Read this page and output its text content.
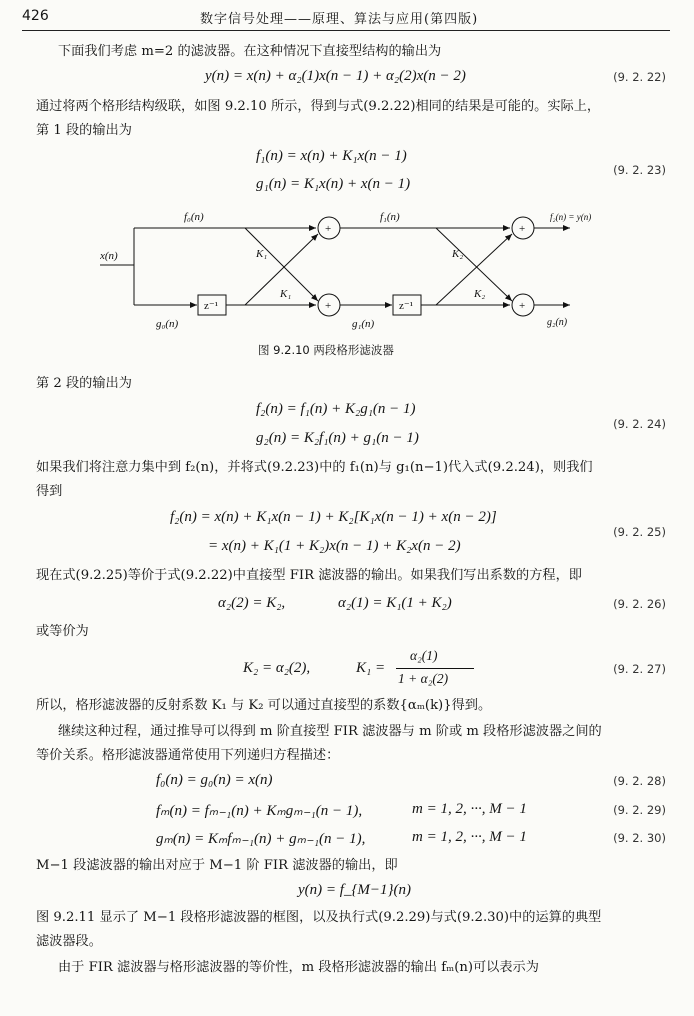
426	数字信号处理——原理、算法与应用(第四版)
下面我们考虑 m=2 的滤波器。在这种情况下直接型结构的输出为
y(n) = x(n) + α₂(1)x(n − 1) + α₂(2)x(n − 2)	(9. 2. 22)
通过将两个格形结构级联，如图 9.2.10 所示，得到与式(9.2.22)相同的结果是可能的。实际上，
第 1 段的输出为
f₁(n) = x(n) + K₁x(n − 1)
g₁(n) = K₁x(n) + x(n − 1)
(9. 2. 23)
x(n)
f₀(n)
g₀(n)
f₁(n)
g₁(n)
f₂(n) = y(n)
g₂(n)
K₁
K₁
K₂
K₂
z⁻¹	z⁻¹
+
+
+
+
图 9.2.10 两段格形滤波器
第 2 段的输出为
f₂(n) = f₁(n) + K₂g₁(n − 1)
g₂(n) = K₂f₁(n) + g₁(n − 1)
(9. 2. 24)
如果我们将注意力集中到 f₂(n)，并将式(9.2.23)中的 f₁(n)与 g₁(n−1)代入式(9.2.24)，则我们
得到
f₂(n) = x(n) + K₁x(n − 1) + K₂[K₁x(n − 1) + x(n − 2)]
= x(n) + K₁(1 + K₂)x(n − 1) + K₂x(n − 2)
(9. 2. 25)
现在式(9.2.25)等价于式(9.2.22)中直接型 FIR 滤波器的输出。如果我们写出系数的方程，即
α₂(2) = K₂,	α₂(1) = K₁(1 + K₂)	(9. 2. 26)
或等价为
K₂ = α₂(2),	K₁ =
α₂(1)
1 + α₂(2)
(9. 2. 27)
所以，格形滤波器的反射系数 K₁ 与 K₂ 可以通过直接型的系数{αₘ(k)}得到。
继续这种过程，通过推导可以得到 m 阶直接型 FIR 滤波器与 m 阶或 m 段格形滤波器之间的
等价关系。格形滤波器通常使用下列递归方程描述：
f₀(n) = g₀(n) = x(n)	(9. 2. 28)
fₘ(n) = fₘ₋₁(n) + Kₘgₘ₋₁(n − 1),	m = 1, 2, ···, M − 1	(9. 2. 29)
gₘ(n) = Kₘfₘ₋₁(n) + gₘ₋₁(n − 1),	m = 1, 2, ···, M − 1	(9. 2. 30)
M−1 段滤波器的输出对应于 M−1 阶 FIR 滤波器的输出，即
y(n) = f_{M−1}(n)
图 9.2.11 显示了 M−1 段格形滤波器的框图，以及执行式(9.2.29)与式(9.2.30)中的运算的典型
滤波器段。
由于 FIR 滤波器与格形滤波器的等价性，m 段格形滤波器的输出 fₘ(n)可以表示为
